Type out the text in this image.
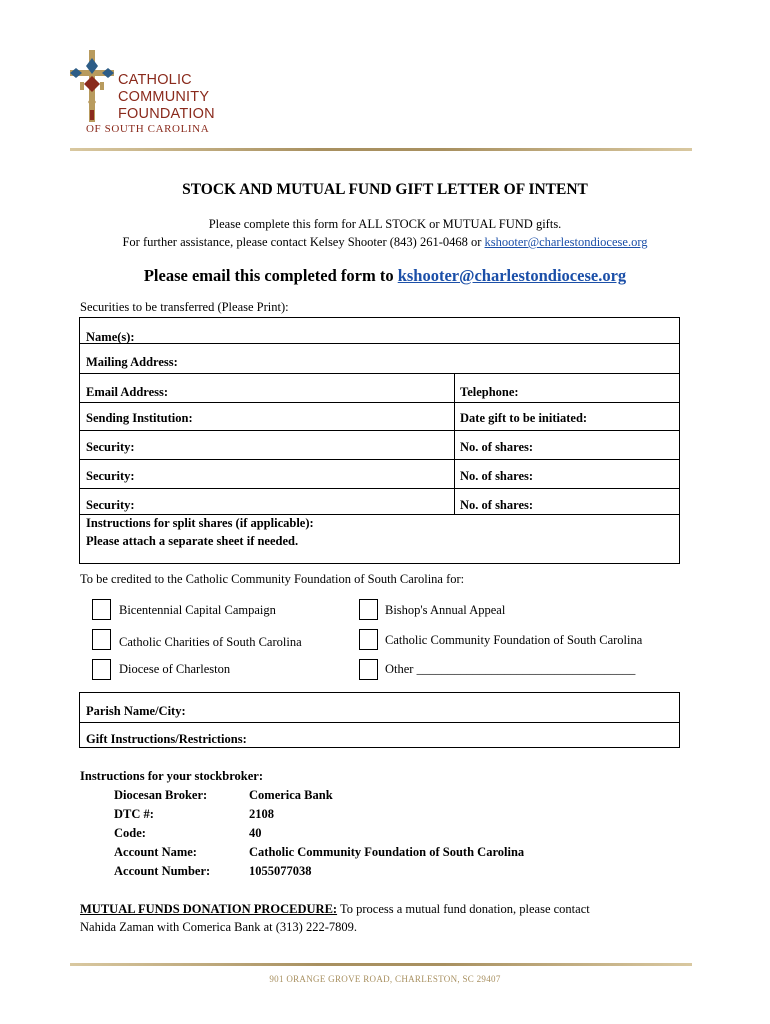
CATHOLIC
COMMUNITY
FOUNDATION
OF SOUTH CAROLINA
STOCK AND MUTUAL FUND GIFT LETTER OF INTENT
Please complete this form for ALL STOCK or MUTUAL FUND gifts.
For further assistance, please contact Kelsey Shooter (843) 261-0468 or kshooter@charlestondiocese.org
Please email this completed form to kshooter@charlestondiocese.org
Securities to be transferred (Please Print):
Name(s):
Mailing Address:
Email Address:	Telephone:
Sending Institution:	Date gift to be initiated:
Security:	No. of shares:
Security:	No. of shares:
Security:	No. of shares:
Instructions for split shares (if applicable):
Please attach a separate sheet if needed.
To be credited to the Catholic Community Foundation of South Carolina for:
Bicentennial Capital Campaign	Bishop's Annual Appeal
Catholic Charities of South Carolina	Catholic Community Foundation of South Carolina
Diocese of Charleston	Other ___________________________________
Parish Name/City:
Gift Instructions/Restrictions:
Instructions for your stockbroker:
Diocesan Broker:	Comerica Bank
DTC #:	2108
Code:	40
Account Name:	Catholic Community Foundation of South Carolina
Account Number:	1055077038
MUTUAL FUNDS DONATION PROCEDURE: To process a mutual fund donation, please contact
Nahida Zaman with Comerica Bank at (313) 222-7809.
901 ORANGE GROVE ROAD, CHARLESTON, SC 29407
